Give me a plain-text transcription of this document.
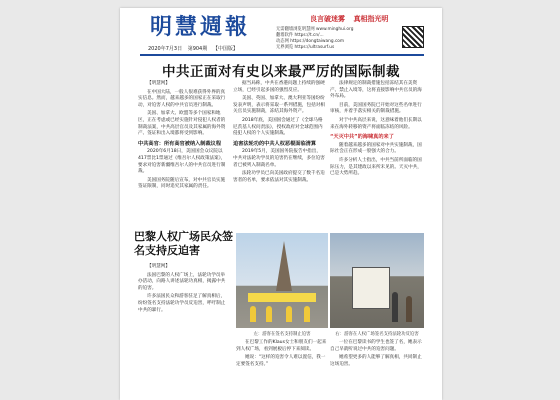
明慧週報
2020年7月3日 第904期 【中国版】
良言破迷雾 真相指光明
无需翻墙浏览明慧网 www.minghui.org
翻墙软件 https://t.cn/...
动态网 https://dongtaiwang.com
无界浏览 https://ultrasurf.us
中共正面对有史以来最严厉的国际制裁

【明慧网】

在中国大陆，一般人很难获得外界的真实信息。然而，越来越多的国家正在采取行动，对迫害人权的中共官员进行制裁。

美国、加拿大、欧盟等多个国家和地区，正在考虑或已经实施针对侵犯人权者的制裁法案，中共高层官员及其家属的海外资产、签证和出入境都将受到影响。

中共高官：所有高官被纳入制裁议程

2020年6月18日，美国国会众议院以417票比1票通过《维吾尔人权政策法案》，要求对迫害新疆维吾尔人的中共官员进行制裁。

美国国务院随后宣布，对中共官员实施签证限制，同时追究其家属的责任。

据当局称，中共在香港问题上持续的强硬立场，已经引起多国的强烈反应。

美国、英国、加拿大、澳大利亚等国纷纷发表声明，表示将采取一系列措施，包括对相关官员实施制裁，冻结其海外资产。

2018年底，美国国会通过了《全球马格尼茨基人权问责法》，授权政府对全球范围内侵犯人权的个人实施制裁。

迫害法轮功的中共人权恶棍面临清算

2019年5月，美国国务院报告中指出，中共对法轮功学员的迫害仍在继续，多位迫害者已被列入制裁名单。

法轮功学员已向美国政府提交了数千名迫害者的名单，要求依法对其实施制裁。

法律规定的制裁措施包括冻结其在美资产、禁止入境等，这将直接影响中共官员的海外布局。

目前，美国国务院已开始对这些名单进行审核，并着手落实相关的制裁措施。

对于中共高层来说，这意味着他们长期以来在海外转移的资产将面临冻结的风险。

“天灭中共”的海啸真的来了

随着越来越多的国家对中共实施制裁，国际社会正在形成一股强大的合力。

许多分析人士指出，中共当前所面临的国际压力，是其建政以来所未见的。天灭中共，已是大势所趋。

巴黎人权广场民众签名支持反迫害

【明慧网】

法国巴黎的人权广场上，法轮功学员举办活动，向路人讲述法轮功真相，揭露中共的迫害。

许多法国民众和游客驻足了解真相后，纷纷签名支持法轮功学员反迫害，呼吁制止中共的暴行。

左：游客在签名支持制止迫害	右：游客在人权广场签名支持法轮功反迫害

在巴黎工作的Klaus女士和朋友们一起来到人权广场，看到展板后停下来阅读。

她说：“这样的迫害令人难以置信，我一定要签名支持。”

一位在巴黎读书的学生也签了名，她表示自己早就听说过中共的迫害问题。

她希望更多的人能够了解真相，共同制止这场迫害。
